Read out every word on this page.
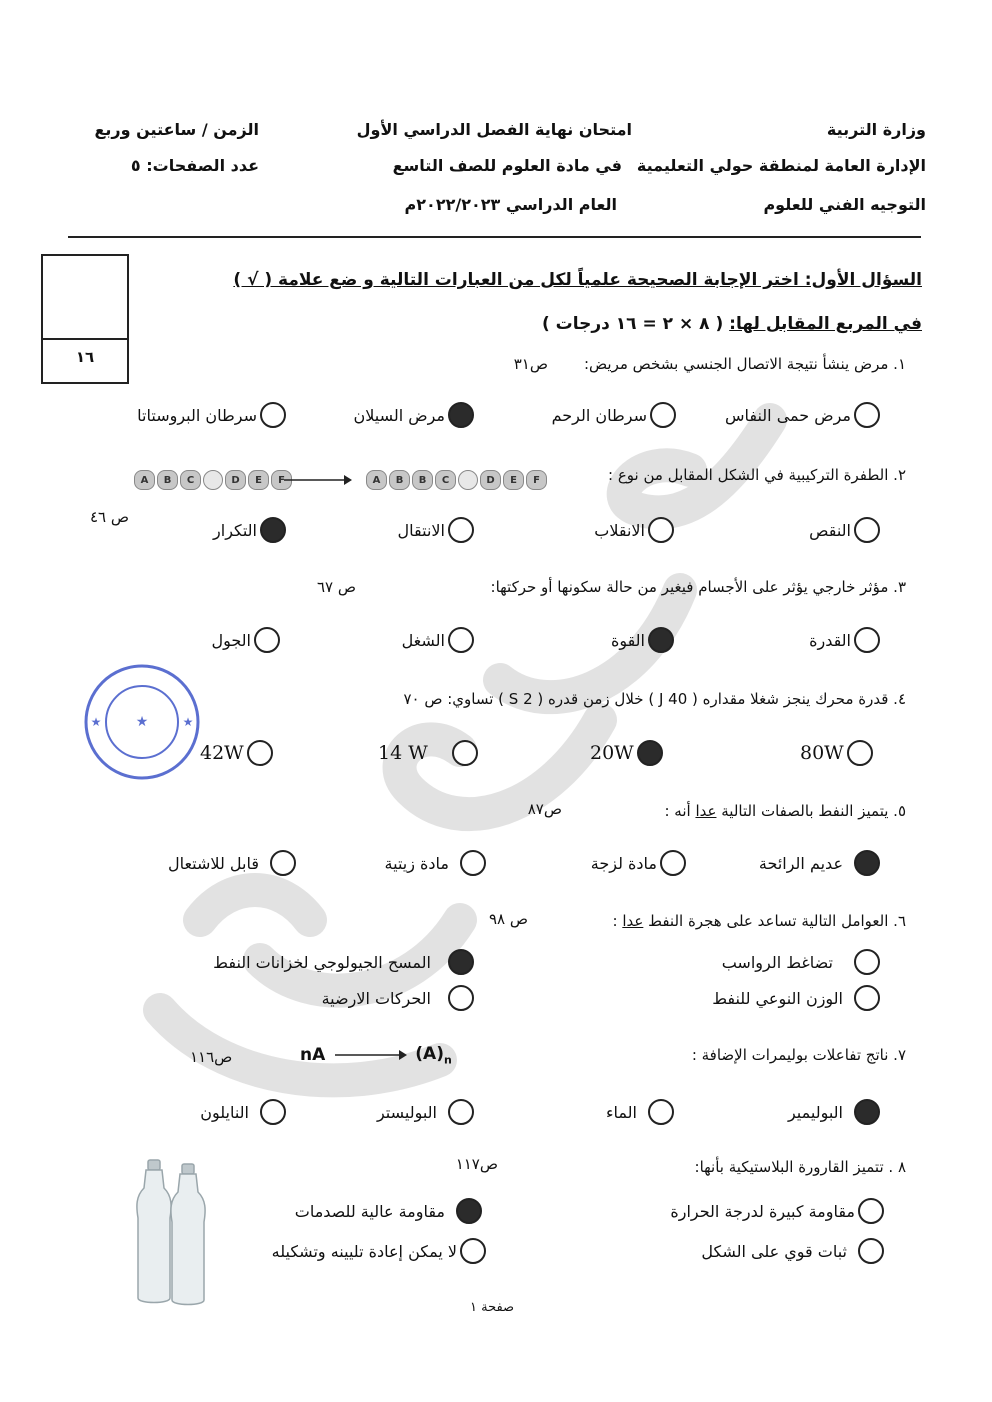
وزارة التربية
الإدارة العامة لمنطقة حولي التعليمية
التوجيه الفني للعلوم
امتحان نهاية الفصل الدراسي الأول
في مادة العلوم للصف التاسع
العام الدراسي ٢٠٢٢/٢٠٢٣م
الزمن / ساعتين وربع
عدد الصفحات: ٥
١٦
السؤال الأول: اختر الإجابة الصحيحة علمياً لكل من العبارات التالية و ضع علامة ( √ )
في المربع المقابل لها: ( ٨ × ٢ = ١٦ درجات )
١. مرض ينشأ نتيجة الاتصال الجنسي بشخص مريض:
ص٣١
مرض حمى النفاس
سرطان الرحم
مرض السيلان
سرطان البروستاتا
٢. الطفرة التركيبية في الشكل المقابل من نوع :
A	B	C	D	E	F	A	B	B	C	D	E	F
ص ٤٦
النقص
الانقلاب
الانتقال
التكرار
٣. مؤثر خارجي يؤثر على الأجسام فيغير من حالة سكونها أو حركتها:
ص ٦٧
القدرة
القوة
الشغل
الجول
★
★	★
٤. قدرة محرك ينجز شغلا مقداره ( 40 J ) خلال زمن قدره ( 2 S ) تساوي: ص ٧٠
80W
20W
14 W
42W
٥. يتميز النفط بالصفات التالية عدا أنه :
ص٨٧
عديم الرائحة
مادة لزجة
مادة زيتية
قابل للاشتعال
٦. العوامل التالية تساعد على هجرة النفط عدا :
ص ٩٨
تضاغط الرواسب
المسح الجيولوجي لخزانات النفط
الوزن النوعي للنفط
الحركات الارضية
٧. ناتج تفاعلات بوليمرات الإضافة :
nA	$(A)_n$
ص١١٦
البوليمير
الماء
البوليستر
النايلون
٨ . تتميز القارورة البلاستيكية بأنها:
ص١١٧
مقاومة كبيرة لدرجة الحرارة
مقاومة عالية للصدمات
ثبات قوي على الشكل
لا يمكن إعادة تليينه وتشكيله
صفحة ١
